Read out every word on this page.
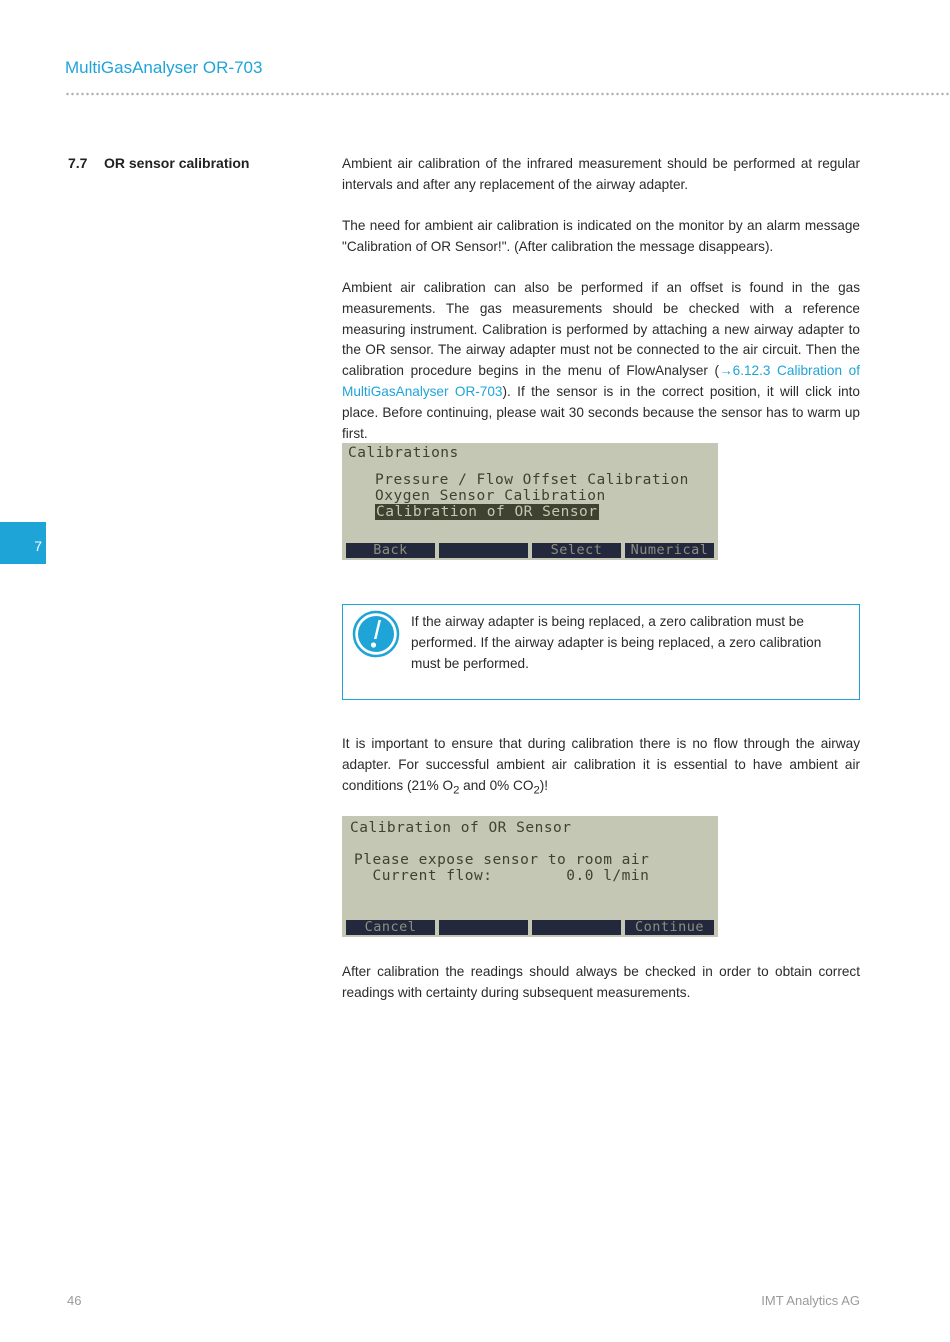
MultiGasAnalyser OR-703
7.7 OR sensor calibration	Ambient air calibration of the infrared measurement should be performed at regular intervals and after any replacement of the airway adapter.

The need for ambient air calibration is indicated on the monitor by an alarm message "Calibration of OR Sensor!". (After calibration the message disappears).

Ambient air calibration can also be performed if an offset is found in the gas measurements. The gas measurements should be checked with a reference measuring instrument. Calibration is performed by attaching a new airway adapter to the OR sensor. The airway adapter must not be connected to the air circuit. Then the calibration procedure begins in the menu of FlowAnalyser (→6.12.3 Calibration of MultiGasAnalyser OR-703). If the sensor is in the correct position, it will click into place. Before continuing, please wait 30 seconds because the sensor has to warm up first.

7
Calibrations
Pressure / Flow Offset Calibration
Oxygen Sensor Calibration
Calibration of OR Sensor
Back	Select	Numerical

If the airway adapter is being replaced, a zero calibration must be performed. If the airway adapter is being replaced, a zero calibration must be performed.

It is important to ensure that during calibration there is no flow through the airway adapter. For successful ambient air calibration it is essential to have ambient air conditions (21% $O_2$ and 0% $CO_2$)!

Calibration of OR Sensor
Please expose sensor to room air
Current flow:        0.0 l/min
Cancel	Continue

After calibration the readings should always be checked in order to obtain correct readings with certainty during subsequent measurements.

46	IMT Analytics AG
